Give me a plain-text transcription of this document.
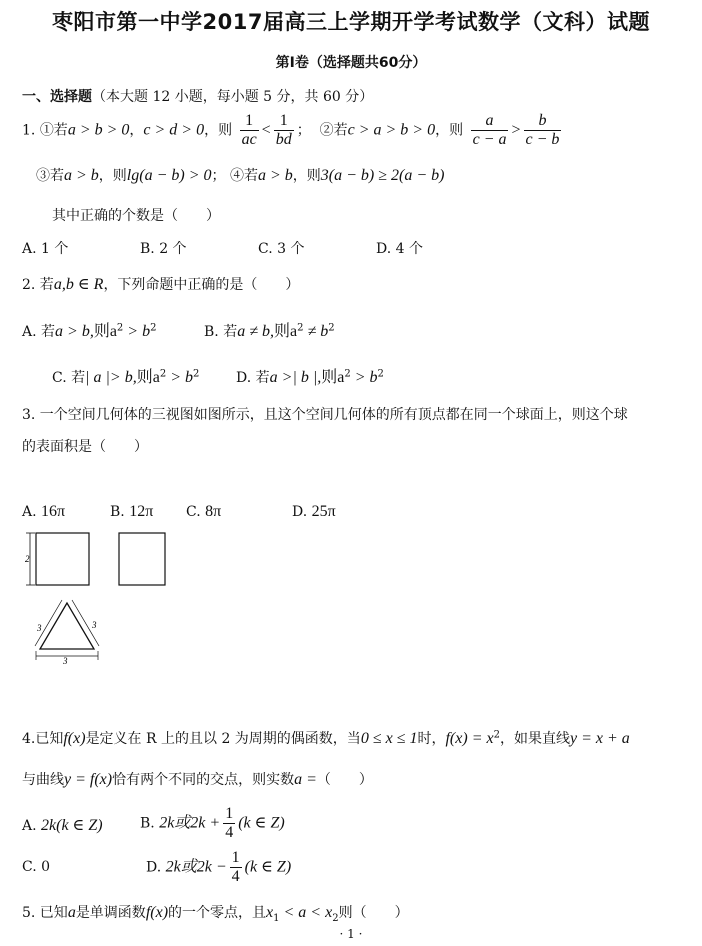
枣阳市第一中学2017届高三上学期开学考试数学（文科）试题
第Ⅰ卷（选择题共60分）
一、选择题（本大题 12 小题，每小题 5 分，共 60 分）
1. ①若a > b > 0，c > d > 0，则 $\frac{1}{ac} < \frac{1}{bd}$ ； ②若c > a > b > 0，则 $\frac{a}{c - a} > \frac{b}{c - b}$
③若a > b，则lg(a − b) > 0； ④若a > b，则3(a − b) ≥ 2(a − b)
其中正确的个数是（　　）
A. 1 个	B. 2 个	C. 3 个	D. 4 个
2. 若a,b ∈ R，下列命题中正确的是（　　）
A. 若a > b,则$a^2 > b^2$	B. 若a ≠ b,则$a^2 \ne b^2$
C. 若| a |> b,则$a^2 > b^2$	D. 若a >| b |,则$a^2 > b^2$
3. 一个空间几何体的三视图如图所示，且这个空间几何体的所有顶点都在同一个球面上，则这个球
的表面积是（　　）
A. 16π	B. 12π C. 8π	D. 25π
2
3	3
3
4.已知f(x)是定义在 R 上的且以 2 为周期的偶函数，当0 ≤ x ≤ 1时，$f(x) = x^2$，如果直线y = x + a
与曲线y = f(x)恰有两个不同的交点，则实数a =（　　）
A. 2k(k ∈ Z)	B. 2k或$2k + \frac{1}{4} (k$ ∈ Z)
C. 0	D. 2k或$2k - \frac{1}{4} (k$ ∈ Z)
5. 已知a是单调函数f(x)的一个零点，且$x_1 < a < x_2$则（　　）
· 1 ·
